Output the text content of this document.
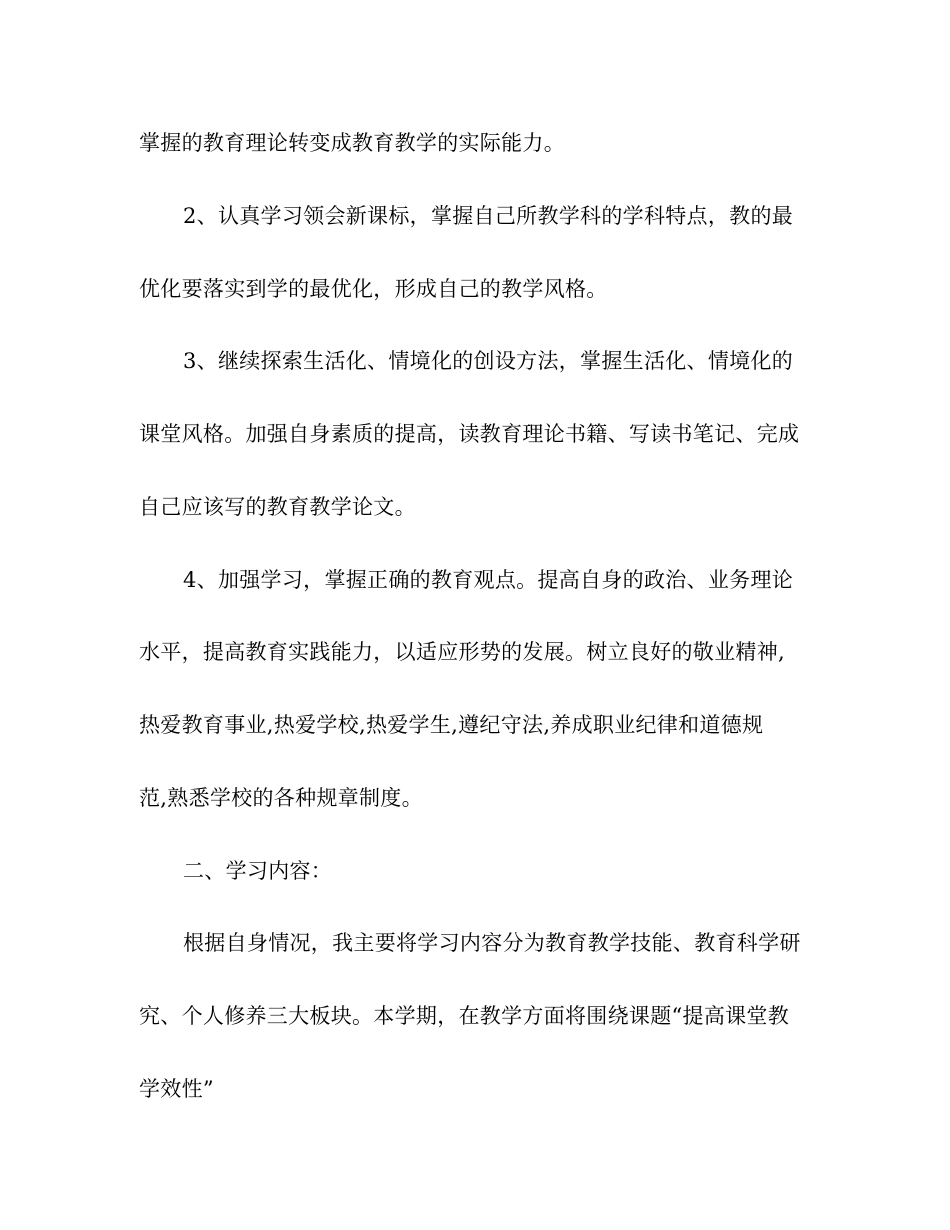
掌握的教育理论转变成教育教学的实际能力。
2、认真学习领会新课标，掌握自己所教学科的学科特点，教的最
优化要落实到学的最优化，形成自己的教学风格。
3、继续探索生活化、情境化的创设方法，掌握生活化、情境化的
课堂风格。加强自身素质的提高，读教育理论书籍、写读书笔记、完成
自己应该写的教育教学论文。
4、加强学习，掌握正确的教育观点。提高自身的政治、业务理论
水平，提高教育实践能力，以适应形势的发展。树立良好的敬业精神,
热爱教育事业,热爱学校,热爱学生,遵纪守法,养成职业纪律和道德规
范,熟悉学校的各种规章制度。
二、学习内容：
根据自身情况，我主要将学习内容分为教育教学技能、教育科学研
究、个人修养三大板块。本学期，在教学方面将围绕课题“提高课堂教
学效性”
